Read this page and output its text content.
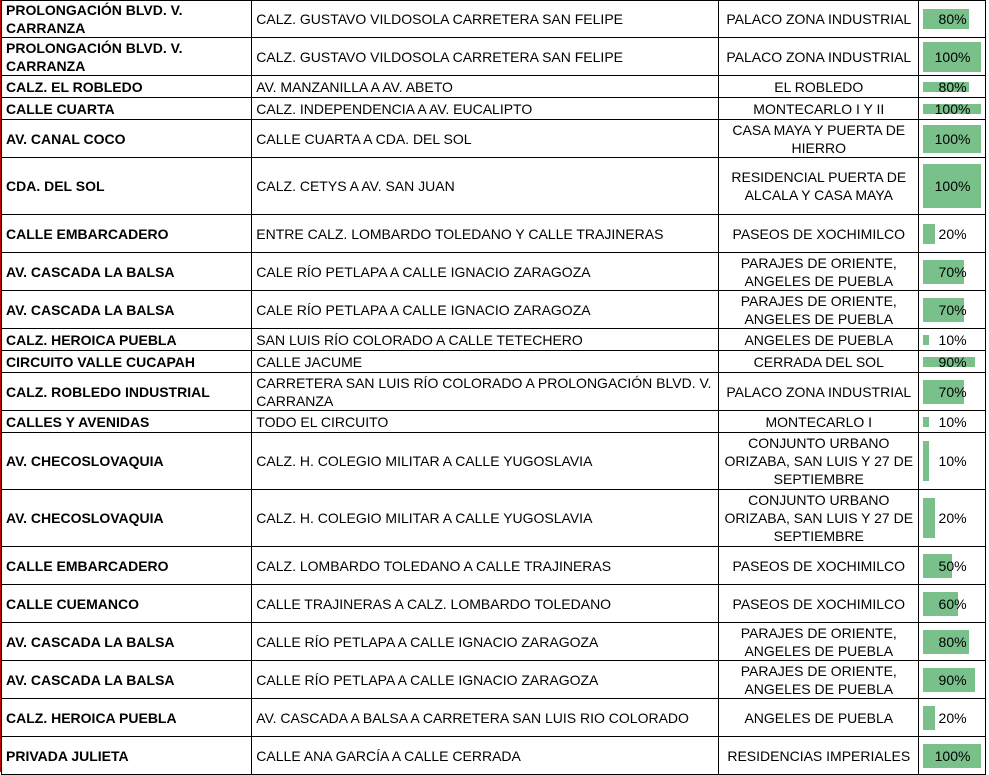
PROLONGACIÓN BLVD. V. CARRANZA	CALZ. GUSTAVO VILDOSOLA CARRETERA SAN FELIPE	PALACO ZONA INDUSTRIAL	80%

PROLONGACIÓN BLVD. V. CARRANZA	CALZ. GUSTAVO VILDOSOLA CARRETERA SAN FELIPE	PALACO ZONA INDUSTRIAL	100%

CALZ. EL ROBLEDO	AV. MANZANILLA A AV. ABETO	EL ROBLEDO	80%

CALLE CUARTA	CALZ. INDEPENDENCIA A AV. EUCALIPTO	MONTECARLO I Y II	100%

AV. CANAL COCO	CALLE CUARTA A CDA. DEL SOL	CASA MAYA Y PUERTA DE HIERRO	100%

CDA. DEL SOL	CALZ. CETYS A AV. SAN JUAN	RESIDENCIAL PUERTA DE ALCALA Y CASA MAYA	100%

CALLE EMBARCADERO	ENTRE CALZ. LOMBARDO TOLEDANO Y CALLE TRAJINERAS	PASEOS DE XOCHIMILCO	20%

AV. CASCADA LA BALSA	CALE RÍO PETLAPA A CALLE IGNACIO ZARAGOZA	PARAJES DE ORIENTE, ANGELES DE PUEBLA	70%

AV. CASCADA LA BALSA	CALE RÍO PETLAPA A CALLE IGNACIO ZARAGOZA	PARAJES DE ORIENTE, ANGELES DE PUEBLA	70%

CALZ. HEROICA PUEBLA	SAN LUIS RÍO COLORADO A CALLE TETECHERO	ANGELES DE PUEBLA	10%

CIRCUITO VALLE CUCAPAH	CALLE JACUME	CERRADA DEL SOL	90%

CALZ. ROBLEDO INDUSTRIAL	CARRETERA SAN LUIS RÍO COLORADO A PROLONGACIÓN BLVD. V. CARRANZA	PALACO ZONA INDUSTRIAL	70%

CALLES Y AVENIDAS	TODO EL CIRCUITO	MONTECARLO I	10%

AV. CHECOSLOVAQUIA	CALZ. H. COLEGIO MILITAR A CALLE YUGOSLAVIA	CONJUNTO URBANO ORIZABA, SAN LUIS Y 27 DE SEPTIEMBRE	10%

AV. CHECOSLOVAQUIA	CALZ. H. COLEGIO MILITAR A CALLE YUGOSLAVIA	CONJUNTO URBANO ORIZABA, SAN LUIS Y 27 DE SEPTIEMBRE	20%

CALLE EMBARCADERO	CALZ. LOMBARDO TOLEDANO A CALLE TRAJINERAS	PASEOS DE XOCHIMILCO	50%

CALLE CUEMANCO	CALLE TRAJINERAS A CALZ. LOMBARDO TOLEDANO	PASEOS DE XOCHIMILCO	60%

AV. CASCADA LA BALSA	CALLE RÍO PETLAPA A CALLE IGNACIO ZARAGOZA	PARAJES DE ORIENTE, ANGELES DE PUEBLA	80%

AV. CASCADA LA BALSA	CALLE RÍO PETLAPA A CALLE IGNACIO ZARAGOZA	PARAJES DE ORIENTE, ANGELES DE PUEBLA	90%

CALZ. HEROICA PUEBLA	AV. CASCADA A BALSA A CARRETERA SAN LUIS RIO COLORADO	ANGELES DE PUEBLA	20%

PRIVADA JULIETA	CALLE ANA GARCÍA A CALLE CERRADA	RESIDENCIAS IMPERIALES	100%
